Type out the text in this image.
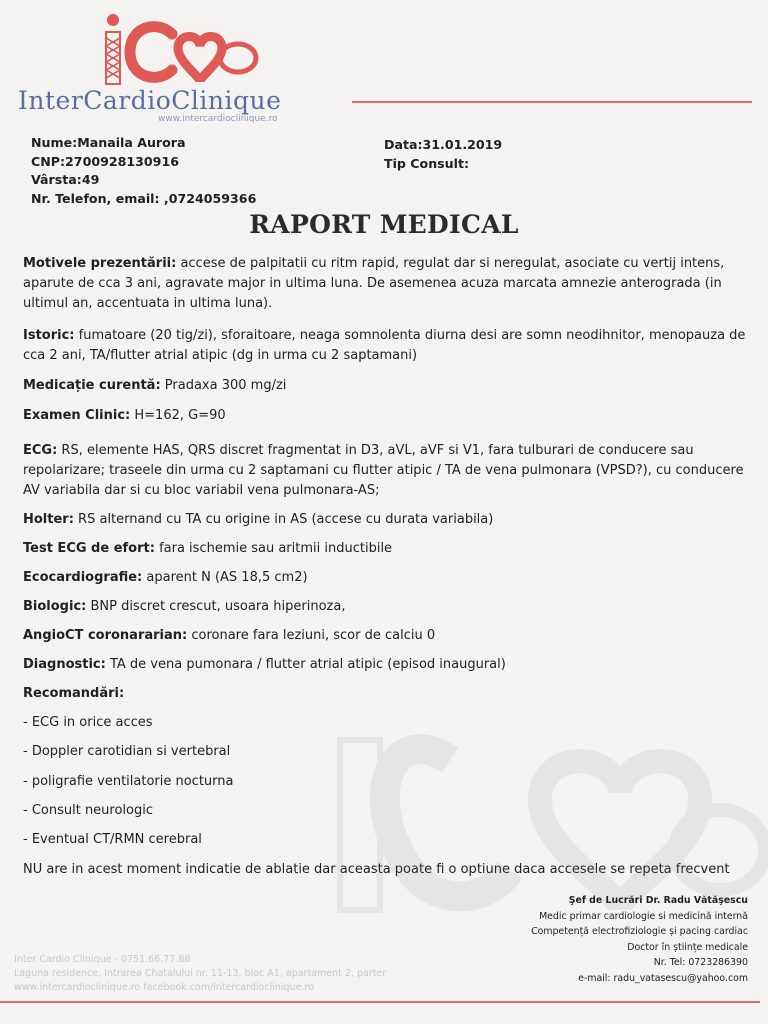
InterCardioClinique
www.intercardioclinique.ro
Nume:Manaila Aurora
CNP:2700928130916
Vârsta:49
Nr. Telefon, email: ,0724059366
Data:31.01.2019
Tip Consult:
RAPORT MEDICAL
Motivele prezentării: accese de palpitatii cu ritm rapid, regulat dar si neregulat, asociate cu vertij intens, aparute de cca 3 ani, agravate major in ultima luna. De asemenea acuza marcata amnezie anterograda (in ultimul an, accentuata in ultima luna).
Istoric: fumatoare (20 tig/zi), sforaitoare, neaga somnolenta diurna desi are somn neodihnitor, menopauza de cca 2 ani, TA/flutter atrial atipic (dg in urma cu 2 saptamani)
Medicație curentă: Pradaxa 300 mg/zi
Examen Clinic: H=162, G=90
ECG: RS, elemente HAS, QRS discret fragmentat in D3, aVL, aVF si V1, fara tulburari de conducere sau repolarizare; traseele din urma cu 2 saptamani cu flutter atipic / TA de vena pulmonara (VPSD?), cu conducere AV variabila dar si cu bloc variabil vena pulmonara-AS;
Holter: RS alternand cu TA cu origine in AS (accese cu durata variabila)
Test ECG de efort: fara ischemie sau aritmii inductibile
Ecocardiografie: aparent N (AS 18,5 cm2)
Biologic: BNP discret crescut, usoara hiperinoza,
AngioCT coronararian: coronare fara leziuni, scor de calciu 0
Diagnostic: TA de vena pumonara / flutter atrial atipic (episod inaugural)
Recomandări:
- ECG in orice acces
- Doppler carotidian si vertebral
- poligrafie ventilatorie nocturna
- Consult neurologic
- Eventual CT/RMN cerebral
NU are in acest moment indicatie de ablatie dar aceasta poate fi o optiune daca accesele se repeta frecvent
Şef de Lucrări Dr. Radu Vătăşescu
Medic primar cardiologie si medicină internă
Competență electrofiziologie și pacing cardiac
Doctor în științe medicale
Nr. Tel: 0723286390
e-mail: radu_vatasescu@yahoo.com
Inter Cardio Clinique - 0751.66.77.88
Laguna residence, Intrarea Chatalului nr. 11-13, bloc A1, apartament 2, parter
www.intercardioclinique.ro facebook.com/intercardioclinique.ro
